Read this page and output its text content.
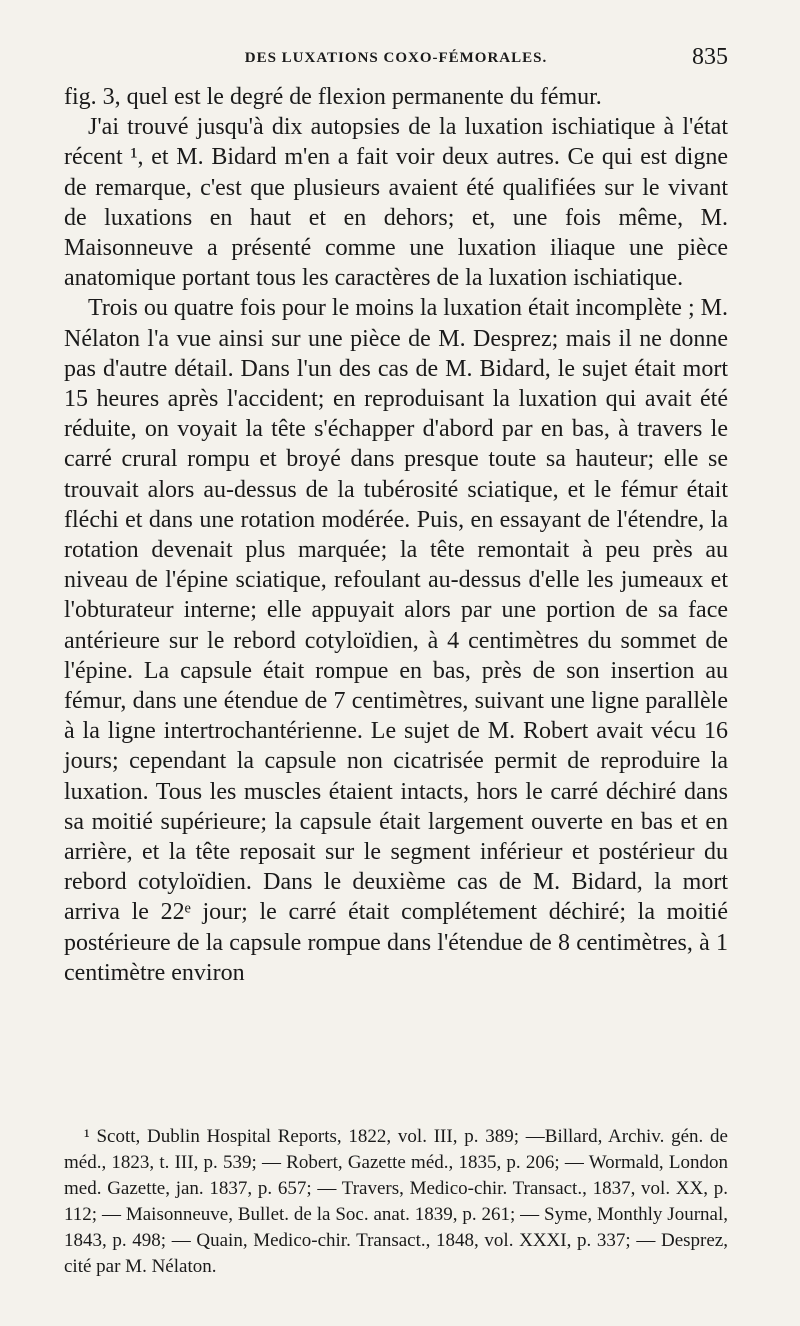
DES LUXATIONS COXO-FÉMORALES.	835

fig. 3, quel est le degré de flexion permanente du fémur.

J'ai trouvé jusqu'à dix autopsies de la luxation ischiatique à l'état récent ¹, et M. Bidard m'en a fait voir deux autres. Ce qui est digne de remarque, c'est que plusieurs avaient été qualifiées sur le vivant de luxations en haut et en dehors; et, une fois même, M. Maisonneuve a présenté comme une luxation iliaque une pièce anatomique portant tous les caractères de la luxation ischiatique.

Trois ou quatre fois pour le moins la luxation était incomplète ; M. Nélaton l'a vue ainsi sur une pièce de M. Desprez; mais il ne donne pas d'autre détail. Dans l'un des cas de M. Bidard, le sujet était mort 15 heures après l'accident; en reproduisant la luxation qui avait été réduite, on voyait la tête s'échapper d'abord par en bas, à travers le carré crural rompu et broyé dans presque toute sa hauteur; elle se trouvait alors au-dessus de la tubérosité sciatique, et le fémur était fléchi et dans une rotation modérée. Puis, en essayant de l'étendre, la rotation devenait plus marquée; la tête remontait à peu près au niveau de l'épine sciatique, refoulant au-dessus d'elle les jumeaux et l'obturateur interne; elle appuyait alors par une portion de sa face antérieure sur le rebord cotyloïdien, à 4 centimètres du sommet de l'épine. La capsule était rompue en bas, près de son insertion au fémur, dans une étendue de 7 centimètres, suivant une ligne parallèle à la ligne intertrochantérienne. Le sujet de M. Robert avait vécu 16 jours; cependant la capsule non cicatrisée permit de reproduire la luxation. Tous les muscles étaient intacts, hors le carré déchiré dans sa moitié supérieure; la capsule était largement ouverte en bas et en arrière, et la tête reposait sur le segment inférieur et postérieur du rebord cotyloïdien. Dans le deuxième cas de M. Bidard, la mort arriva le 22ᵉ jour; le carré était complétement déchiré; la moitié postérieure de la capsule rompue dans l'étendue de 8 centimètres, à 1 centimètre environ

¹ Scott, Dublin Hospital Reports, 1822, vol. III, p. 389; —Billard, Archiv. gén. de méd., 1823, t. III, p. 539; — Robert, Gazette méd., 1835, p. 206; — Wormald, London med. Gazette, jan. 1837, p. 657; — Travers, Medico-chir. Transact., 1837, vol. XX, p. 112; — Maisonneuve, Bullet. de la Soc. anat. 1839, p. 261; — Syme, Monthly Journal, 1843, p. 498; — Quain, Medico-chir. Transact., 1848, vol. XXXI, p. 337; — Desprez, cité par M. Nélaton.
